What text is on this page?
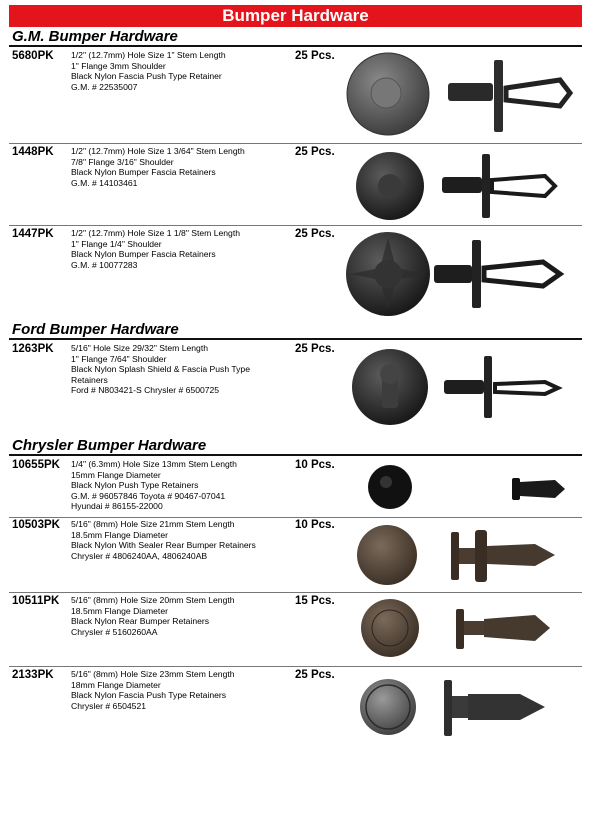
Bumper Hardware
G.M. Bumper Hardware
5680PK 1/2" (12.7mm) Hole Size 1" Stem Length
1" Flange 3mm Shoulder
Black Nylon Fascia Push Type Retainer
G.M. # 22535007
25 Pcs.
1448PK 1/2" (12.7mm) Hole Size 1 3/64" Stem Length
7/8" Flange 3/16" Shoulder
Black Nylon Bumper Fascia Retainers
G.M. # 14103461
25 Pcs.
1447PK 1/2" (12.7mm) Hole Size 1 1/8" Stem Length
1" Flange 1/4" Shoulder
Black Nylon Bumper Fascia Retainers
G.M. # 10077283
25 Pcs.
Ford Bumper Hardware
1263PK 5/16" Hole Size 29/32" Stem Length
1" Flange 7/64" Shoulder
Black Nylon Splash Shield & Fascia Push Type
Retainers
Ford # N803421-S Chrysler # 6500725
25 Pcs.
Chrysler Bumper Hardware
10655PK 1/4" (6.3mm) Hole Size 13mm Stem Length
15mm Flange Diameter
Black Nylon Push Type Retainers
G.M. # 96057846 Toyota # 90467-07041
Hyundai # 86155-22000
10 Pcs.
10503PK 5/16" (8mm) Hole Size 21mm Stem Length
18.5mm Flange Diameter
Black Nylon With Sealer Rear Bumper Retainers
Chrysler # 4806240AA, 4806240AB
10 Pcs.
10511PK 5/16" (8mm) Hole Size 20mm Stem Length
18.5mm Flange Diameter
Black Nylon Rear Bumper Retainers
Chrysler # 5160260AA
15 Pcs.
2133PK 5/16" (8mm) Hole Size 23mm Stem Length
18mm Flange Diameter
Black Nylon Fascia Push Type Retainers
Chrysler # 6504521
25 Pcs.
